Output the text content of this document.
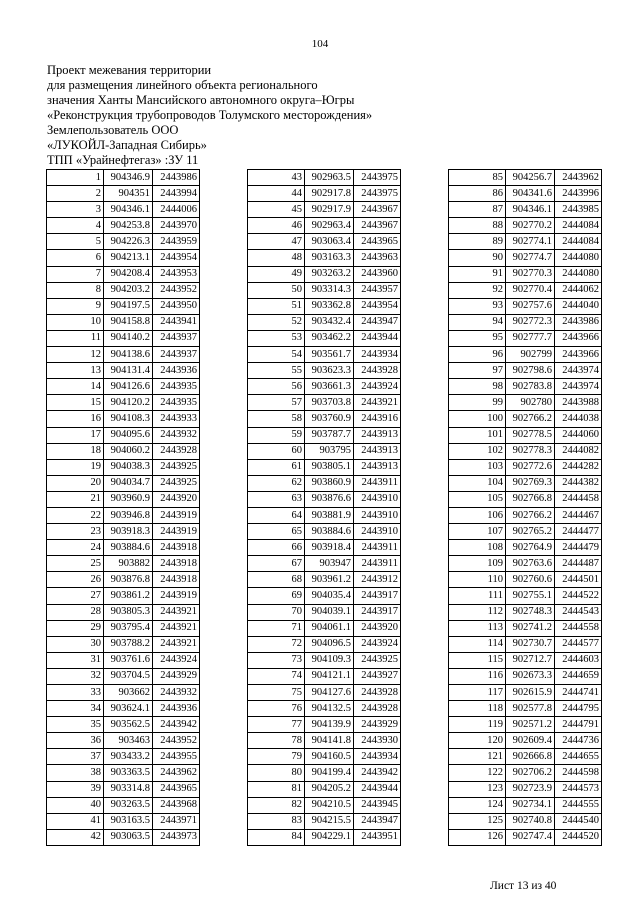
104
Проект межевания территории
для размещения линейного объекта регионального
значения Ханты Мансийского автономного округа–Югры
«Реконструкция трубопроводов Толумского месторождения»
Землепользователь ООО
«ЛУКОЙЛ-Западная Сибирь»
ТПП «Урайнефтегаз» :ЗУ 11
1	904346.9	2443986
2	904351	2443994
3	904346.1	2444006
4	904253.8	2443970
5	904226.3	2443959
6	904213.1	2443954
7	904208.4	2443953
8	904203.2	2443952
9	904197.5	2443950
10	904158.8	2443941
11	904140.2	2443937
12	904138.6	2443937
13	904131.4	2443936
14	904126.6	2443935
15	904120.2	2443935
16	904108.3	2443933
17	904095.6	2443932
18	904060.2	2443928
19	904038.3	2443925
20	904034.7	2443925
21	903960.9	2443920
22	903946.8	2443919
23	903918.3	2443919
24	903884.6	2443918
25	903882	2443918
26	903876.8	2443918
27	903861.2	2443919
28	903805.3	2443921
29	903795.4	2443921
30	903788.2	2443921
31	903761.6	2443924
32	903704.5	2443929
33	903662	2443932
34	903624.1	2443936
35	903562.5	2443942
36	903463	2443952
37	903433.2	2443955
38	903363.5	2443962
39	903314.8	2443965
40	903263.5	2443968
41	903163.5	2443971
42	903063.5	2443973
43	902963.5	2443975
44	902917.8	2443975
45	902917.9	2443967
46	902963.4	2443967
47	903063.4	2443965
48	903163.3	2443963
49	903263.2	2443960
50	903314.3	2443957
51	903362.8	2443954
52	903432.4	2443947
53	903462.2	2443944
54	903561.7	2443934
55	903623.3	2443928
56	903661.3	2443924
57	903703.8	2443921
58	903760.9	2443916
59	903787.7	2443913
60	903795	2443913
61	903805.1	2443913
62	903860.9	2443911
63	903876.6	2443910
64	903881.9	2443910
65	903884.6	2443910
66	903918.4	2443911
67	903947	2443911
68	903961.2	2443912
69	904035.4	2443917
70	904039.1	2443917
71	904061.1	2443920
72	904096.5	2443924
73	904109.3	2443925
74	904121.1	2443927
75	904127.6	2443928
76	904132.5	2443928
77	904139.9	2443929
78	904141.8	2443930
79	904160.5	2443934
80	904199.4	2443942
81	904205.2	2443944
82	904210.5	2443945
83	904215.5	2443947
84	904229.1	2443951
85	904256.7	2443962
86	904341.6	2443996
87	904346.1	2443985
88	902770.2	2444084
89	902774.1	2444084
90	902774.7	2444080
91	902770.3	2444080
92	902770.4	2444062
93	902757.6	2444040
94	902772.3	2443986
95	902777.7	2443966
96	902799	2443966
97	902798.6	2443974
98	902783.8	2443974
99	902780	2443988
100	902766.2	2444038
101	902778.5	2444060
102	902778.3	2444082
103	902772.6	2444282
104	902769.3	2444382
105	902766.8	2444458
106	902766.2	2444467
107	902765.2	2444477
108	902764.9	2444479
109	902763.6	2444487
110	902760.6	2444501
111	902755.1	2444522
112	902748.3	2444543
113	902741.2	2444558
114	902730.7	2444577
115	902712.7	2444603
116	902673.3	2444659
117	902615.9	2444741
118	902577.8	2444795
119	902571.2	2444791
120	902609.4	2444736
121	902666.8	2444655
122	902706.2	2444598
123	902723.9	2444573
124	902734.1	2444555
125	902740.8	2444540
126	902747.4	2444520
Лист 13 из 40
